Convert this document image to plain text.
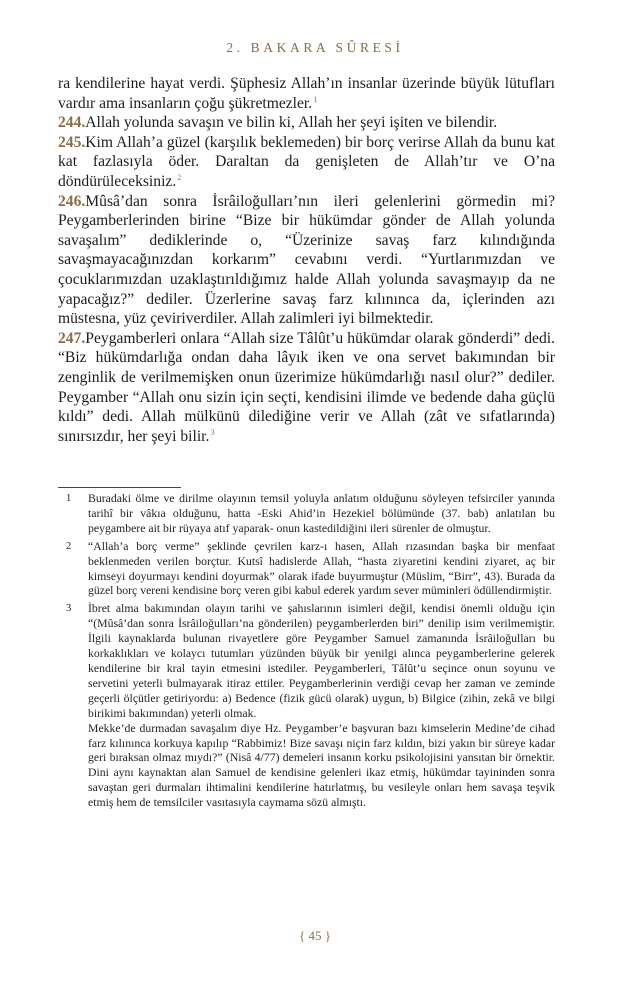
2. BAKARA SÛRESİ

ra kendilerine hayat verdi. Şüphesiz Allah’ın insanlar üzerinde büyük lütufları vardır ama insanların çoğu şükretmezler.$^1$

244.Allah yolunda savaşın ve bilin ki, Allah her şeyi işiten ve bilendir.

245.Kim Allah’a güzel (karşılık beklemeden) bir borç verirse Allah da bunu kat kat fazlasıyla öder. Daraltan da genişleten de Allah’tır ve O’na döndürüleceksiniz.$^2$

246.Mûsâ’dan sonra İsrâiloğulları’nın ileri gelenlerini görmedin mi? Peygamberlerinden birine “Bize bir hükümdar gönder de Allah yolunda savaşalım” dediklerinde o, “Üzerinize savaş farz kılındığında savaşmayacağınızdan korkarım” cevabını verdi. “Yurtlarımızdan ve çocuklarımızdan uzaklaştırıldığımız halde Allah yolunda savaşmayıp da ne yapacağız?” dediler. Üzerlerine savaş farz kılınınca da, içlerinden azı müstesna, yüz çeviriverdiler. Allah zalimleri iyi bilmektedir.

247.Peygamberleri onlara “Allah size Tâlût’u hükümdar olarak gönderdi” dedi. “Biz hükümdarlığa ondan daha lâyık iken ve ona servet bakımından bir zenginlik de verilmemişken onun üzerimize hükümdarlığı nasıl olur?” dediler. Peygamber “Allah onu sizin için seçti, kendisini ilimde ve bedende daha güçlü kıldı” dedi. Allah mülkünü dilediğine verir ve Allah (zât ve sıfatlarında) sınırsızdır, her şeyi bilir.$^3$

1 Buradaki ölme ve dirilme olayının temsil yoluyla anlatım olduğunu söyleyen tefsirciler yanında tarihî bir vâkıa olduğunu, hatta -Eski Ahid’in Hezekiel bölümünde (37. bab) anlatılan bu peygambere ait bir rüyaya atıf yaparak- onun kastedildiğini ileri sürenler de olmuştur.

2 “Allah’a borç verme” şeklinde çevrilen karz-ı hasen, Allah rızasından başka bir menfaat beklenmeden verilen borçtur. Kutsî hadislerde Allah, “hasta ziyaretini kendini ziyaret, aç bir kimseyi doyurmayı kendini doyurmak” olarak ifade buyurmuştur (Müslim, “Birr”, 43). Burada da güzel borç vereni kendisine borç veren gibi kabul ederek yardım sever müminleri ödüllendirmiştir.

3 İbret alma bakımından olayın tarihi ve şahıslarının isimleri değil, kendisi önemli olduğu için “(Mûsâ’dan sonra İsrâiloğulları’na gönderilen) peygamberlerden biri” denilip isim verilmemiştir. İlgili kaynaklarda bulunan rivayetlere göre Peygamber Samuel zamanında İsrâiloğulları bu korkaklıkları ve kolaycı tutumları yüzünden büyük bir yenilgi alınca peygamberlerine gelerek kendilerine bir kral tayin etmesini istediler. Peygamberleri, Tâlût’u seçince onun soyunu ve servetini yeterli bulmayarak itiraz ettiler. Peygamberlerinin verdiği cevap her zaman ve zeminde geçerli ölçütler getiriyordu: a) Bedence (fizik gücü olarak) uygun, b) Bilgice (zihin, zekâ ve bilgi birikimi bakımından) yeterli olmak.

Mekke’de durmadan savaşalım diye Hz. Peygamber’e başvuran bazı kimselerin Medine’de cihad farz kılınınca korkuya kapılıp “Rabbimiz! Bize savaşı niçin farz kıldın, bizi yakın bir süreye kadar geri bıraksan olmaz mıydı?” (Nisâ 4/77) demeleri insanın korku psikolojisini yansıtan bir örnektir. Dini aynı kaynaktan alan Samuel de kendisine gelenleri ikaz etmiş, hükümdar tayininden sonra savaştan geri durmaları ihtimalini kendilerine hatırlatmış, bu vesileyle onları hem savaşa teşvik etmiş hem de temsilciler vasıtasıyla caymama sözü almıştı.

{ 45 }
